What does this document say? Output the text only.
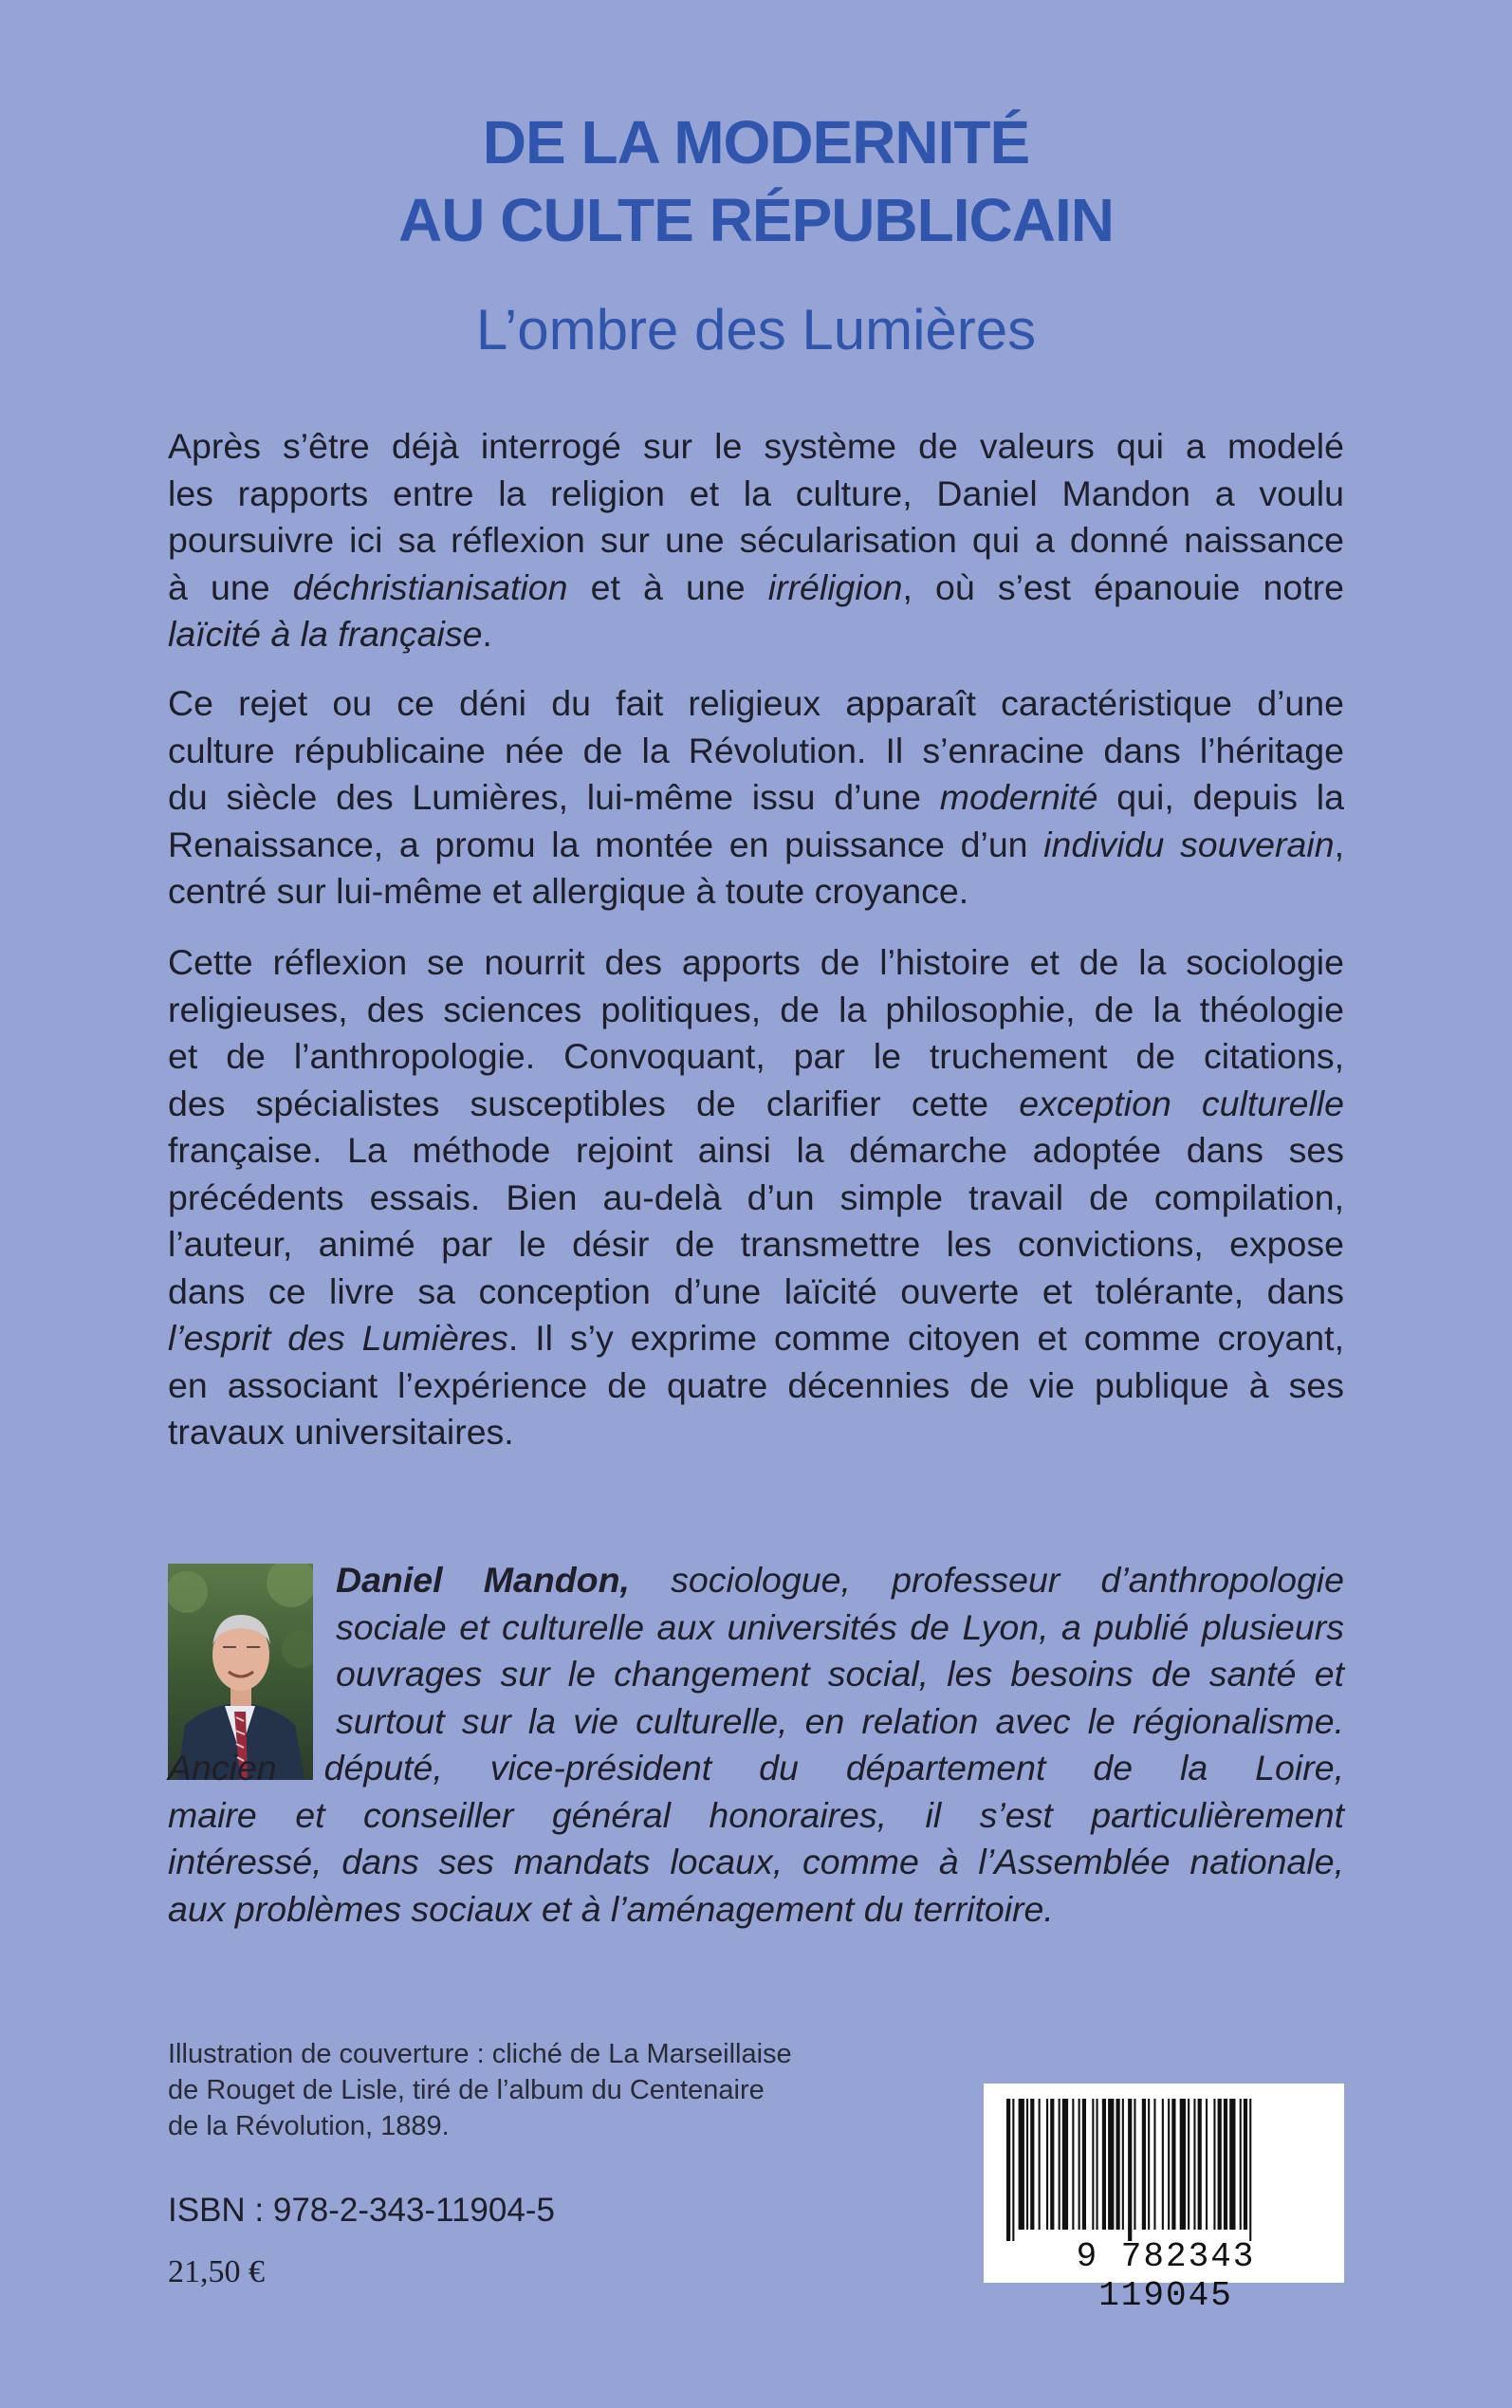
DE LA MODERNITÉ
AU CULTE RÉPUBLICAIN
L’ombre des Lumières

Après s’être déjà interrogé sur le système de valeurs qui a modelé
les rapports entre la religion et la culture, Daniel Mandon a voulu
poursuivre ici sa réflexion sur une sécularisation qui a donné naissance
à une déchristianisation et à une irréligion, où s’est épanouie notre
laïcité à la française.

Ce rejet ou ce déni du fait religieux apparaît caractéristique d’une
culture républicaine née de la Révolution. Il s’enracine dans l’héritage
du siècle des Lumières, lui-même issu d’une modernité qui, depuis la
Renaissance, a promu la montée en puissance d’un individu souverain,
centré sur lui-même et allergique à toute croyance.

Cette réflexion se nourrit des apports de l’histoire et de la sociologie
religieuses, des sciences politiques, de la philosophie, de la théologie
et de l’anthropologie. Convoquant, par le truchement de citations,
des spécialistes susceptibles de clarifier cette exception culturelle
française. La méthode rejoint ainsi la démarche adoptée dans ses
précédents essais. Bien au-delà d’un simple travail de compilation,
l’auteur, animé par le désir de transmettre les convictions, expose
dans ce livre sa conception d’une laïcité ouverte et tolérante, dans
l’esprit des Lumières. Il s’y exprime comme citoyen et comme croyant,
en associant l’expérience de quatre décennies de vie publique à ses
travaux universitaires.

Daniel Mandon, sociologue, professeur d’anthropologie
sociale et culturelle aux universités de Lyon, a publié plusieurs
ouvrages sur le changement social, les besoins de santé et
surtout sur la vie culturelle, en relation avec le régionalisme.
Ancien député, vice-président du département de la Loire,
maire et conseiller général honoraires, il s’est particulièrement
intéressé, dans ses mandats locaux, comme à l’Assemblée nationale,
aux problèmes sociaux et à l’aménagement du territoire.
Illustration de couverture : cliché de La Marseillaise
de Rouget de Lisle, tiré de l’album du Centenaire
de la Révolution, 1889.
ISBN : 978-2-343-11904-5
21,50 €	9 782343 119045
